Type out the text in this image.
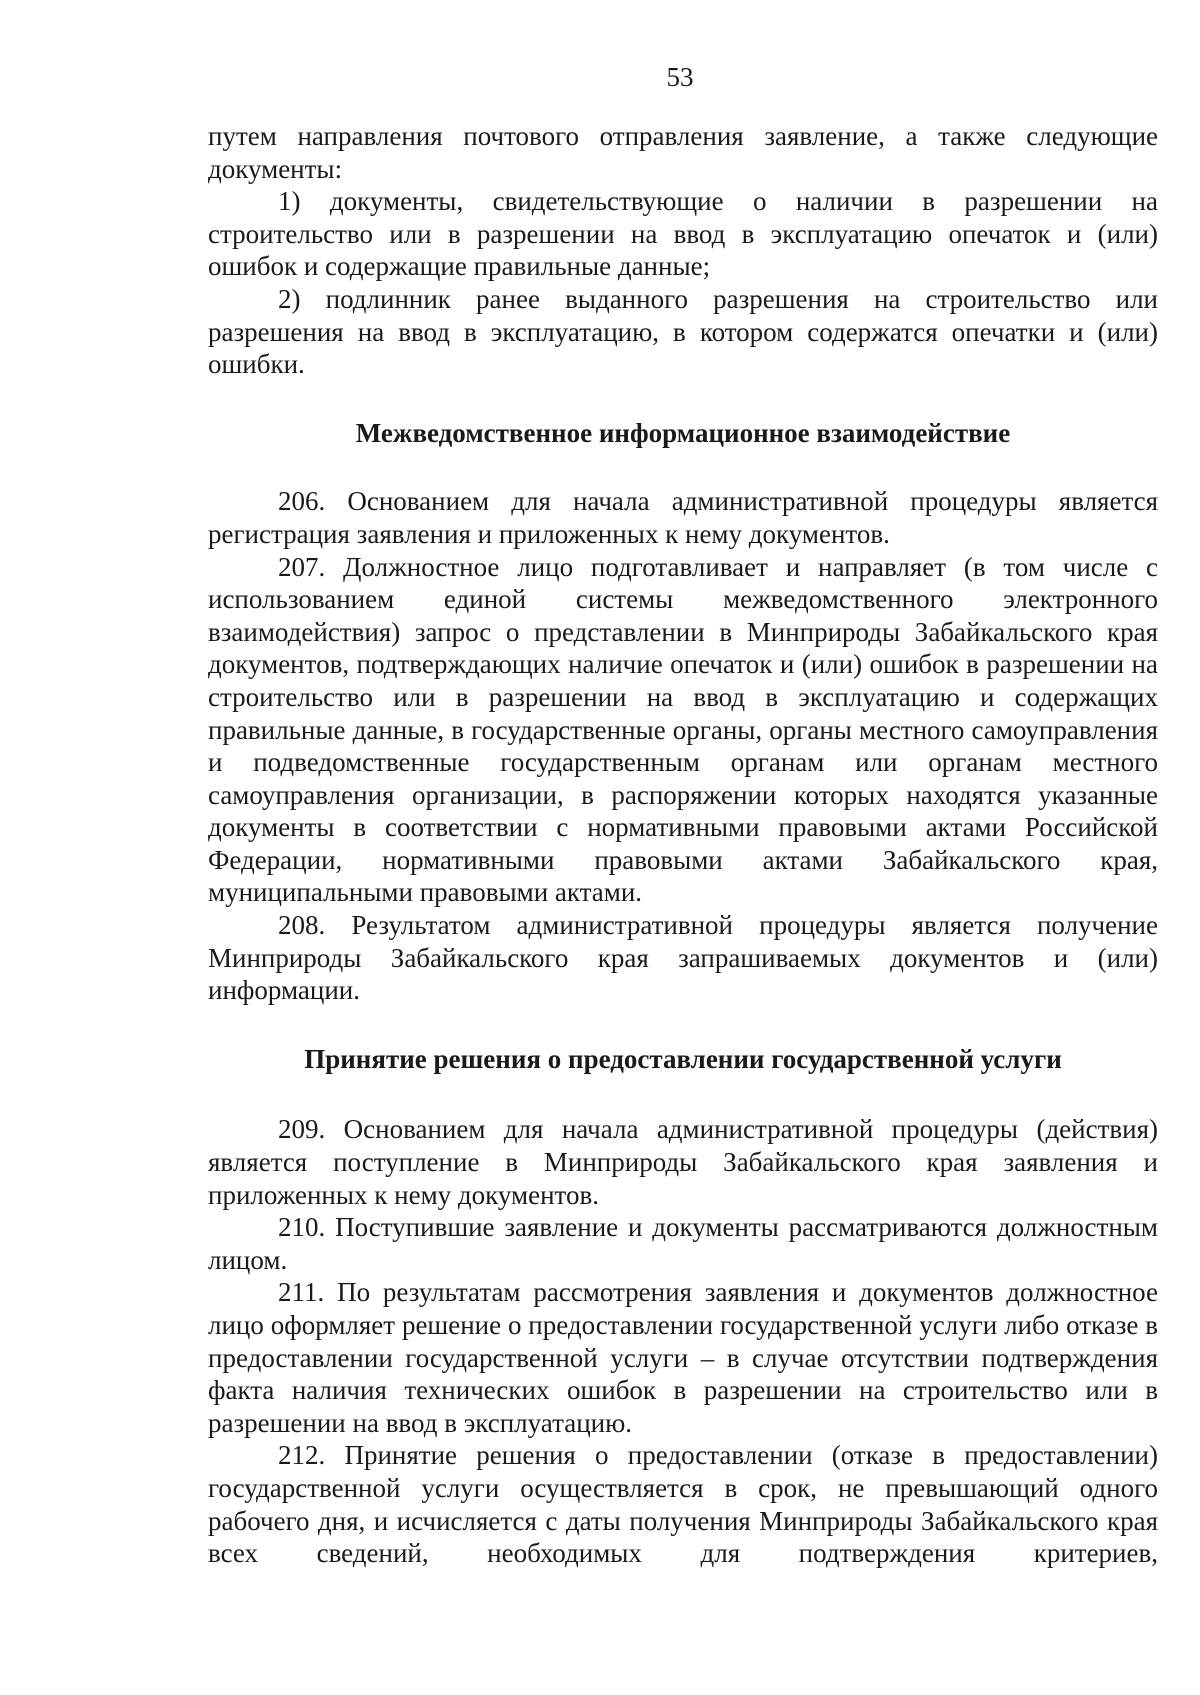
53

путем направления почтового отправления заявление, а также следующие документы:

1) документы, свидетельствующие о наличии в разрешении на строительство или в разрешении на ввод в эксплуатацию опечаток и (или) ошибок и содержащие правильные данные;

2) подлинник ранее выданного разрешения на строительство или разрешения на ввод в эксплуатацию, в котором содержатся опечатки и (или) ошибки.

Межведомственное информационное взаимодействие

206. Основанием для начала административной процедуры является регистрация заявления и приложенных к нему документов.

207. Должностное лицо подготавливает и направляет (в том числе с использованием единой системы межведомственного электронного взаимодействия) запрос о представлении в Минприроды Забайкальского края документов, подтверждающих наличие опечаток и (или) ошибок в разрешении на строительство или в разрешении на ввод в эксплуатацию и содержащих правильные данные, в государственные органы, органы местного самоуправления и подведомственные государственным органам или органам местного самоуправления организации, в распоряжении которых находятся указанные документы в соответствии с нормативными правовыми актами Российской Федерации, нормативными правовыми актами Забайкальского края, муниципальными правовыми актами.

208. Результатом административной процедуры является получение Минприроды Забайкальского края запрашиваемых документов и (или) информации.

Принятие решения о предоставлении государственной услуги

209. Основанием для начала административной процедуры (действия) является поступление в Минприроды Забайкальского края заявления и приложенных к нему документов.

210. Поступившие заявление и документы рассматриваются должностным лицом.

211. По результатам рассмотрения заявления и документов должностное лицо оформляет решение о предоставлении государственной услуги либо отказе в предоставлении государственной услуги – в случае отсутствии подтверждения факта наличия технических ошибок в разрешении на строительство или в разрешении на ввод в эксплуатацию.

212. Принятие решения о предоставлении (отказе в предоставлении) государственной услуги осуществляется в срок, не превышающий одного рабочего дня, и исчисляется с даты получения Минприроды Забайкальского края всех сведений, необходимых для подтверждения критериев,
